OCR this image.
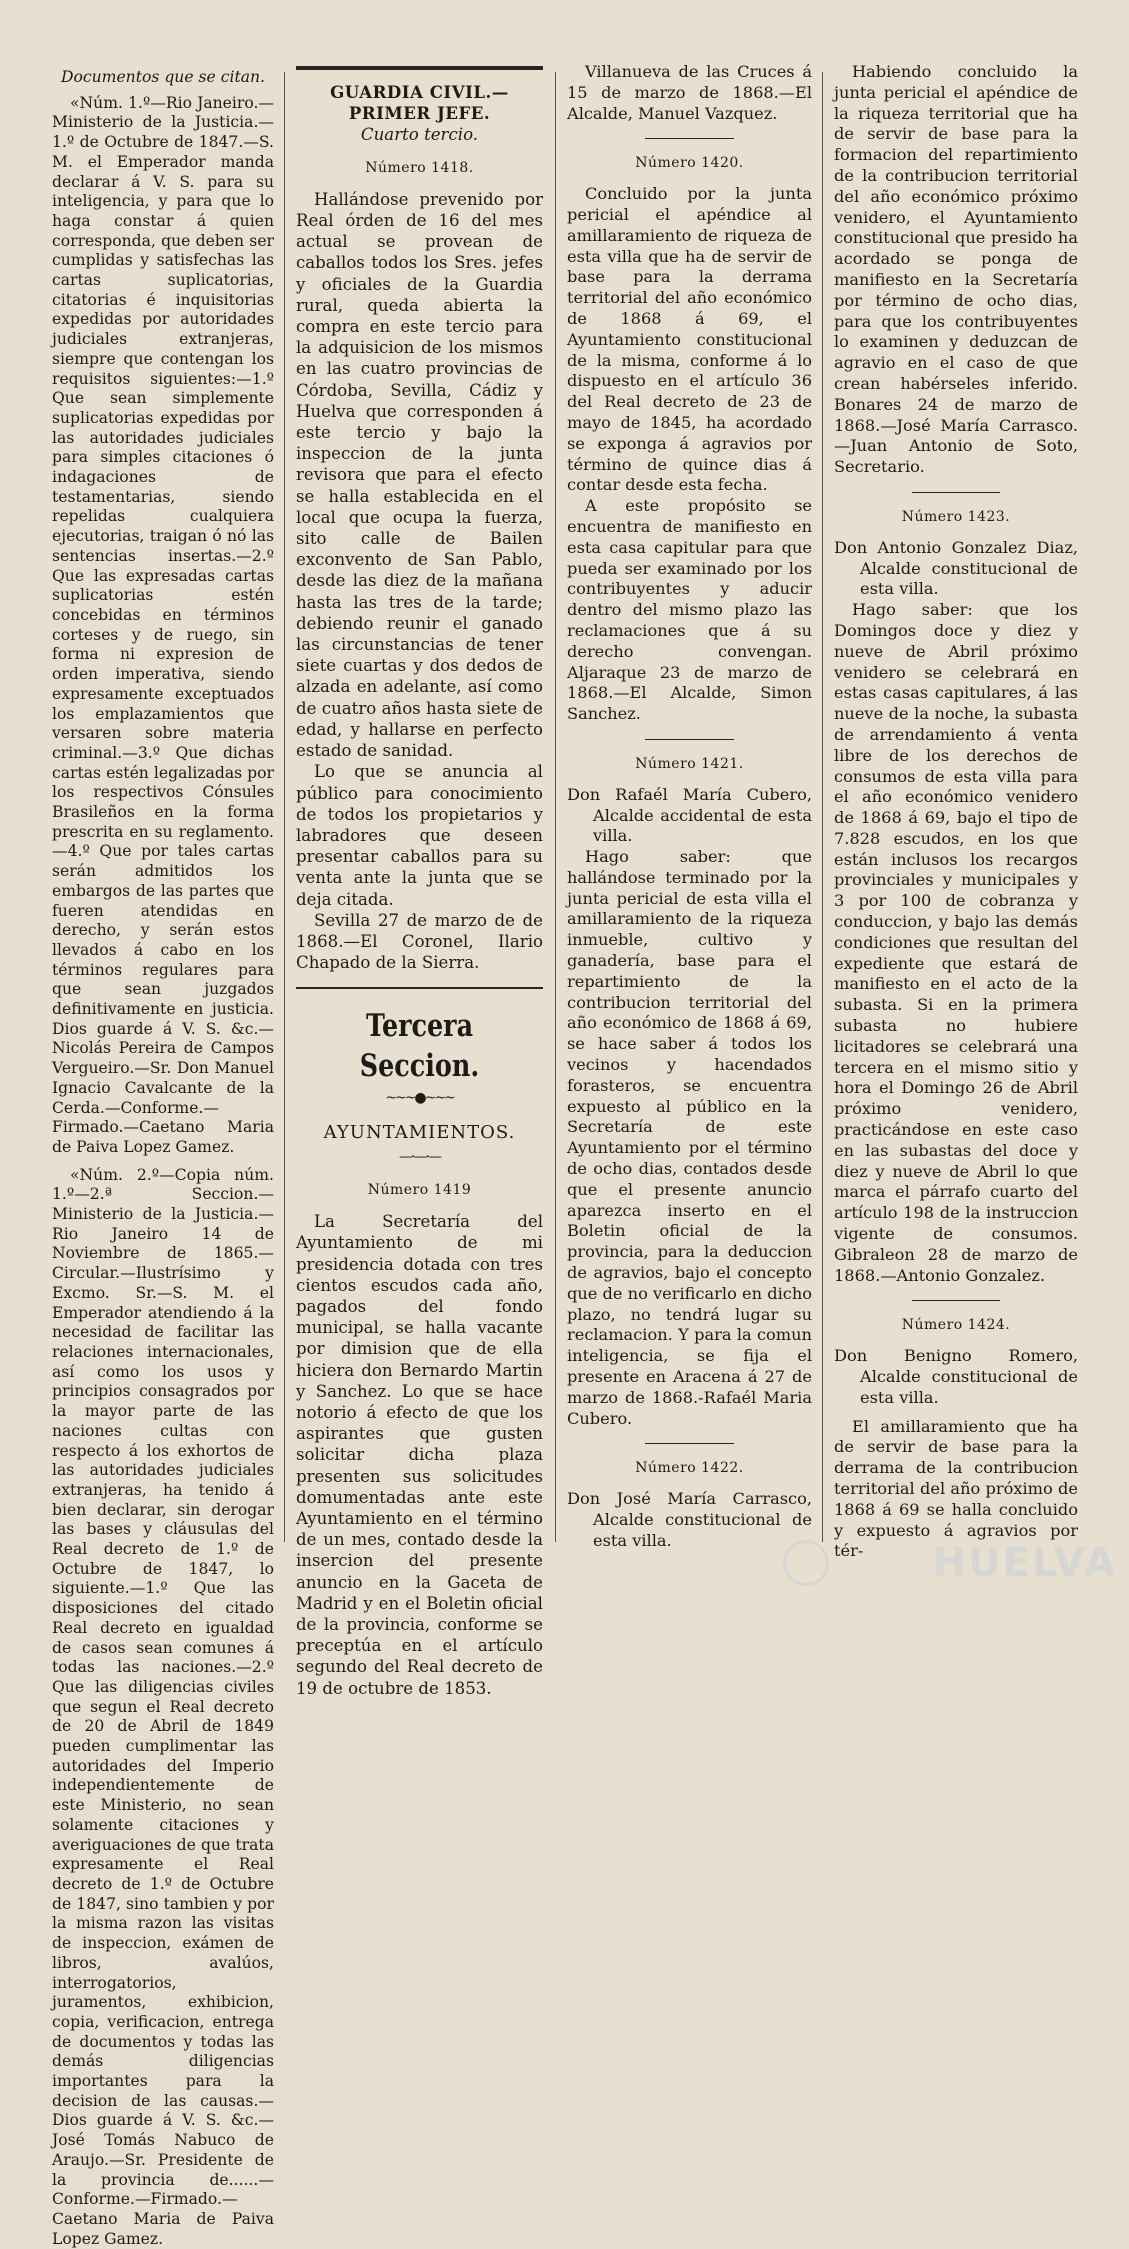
Documentos que se citan.

«Núm. 1.º—Rio Janeiro.—Ministerio de la Justicia.—1.º de Octubre de 1847.—S. M. el Emperador manda declarar á V. S. para su inteligencia, y para que lo haga constar á quien corresponda, que deben ser cumplidas y satisfechas las cartas suplicatorias, citatorias é inquisitorias expedidas por autoridades judiciales extranjeras, siempre que contengan los requisitos siguientes:—1.º Que sean simplemente suplicatorias expedidas por las autoridades judiciales para simples citaciones ó indagaciones de testamentarias, siendo repelidas cualquiera ejecutorias, traigan ó nó las sentencias insertas.—2.º Que las expresadas cartas suplicatorias estén concebidas en términos corteses y de ruego, sin forma ni expresion de orden imperativa, siendo expresamente exceptuados los emplazamientos que versaren sobre materia criminal.—3.º Que dichas cartas estén legalizadas por los respectivos Cónsules Brasileños en la forma prescrita en su reglamento.—4.º Que por tales cartas serán admitidos los embargos de las partes que fueren atendidas en derecho, y serán estos llevados á cabo en los términos regulares para que sean juzgados definitivamente en justicia. Dios guarde á V. S. &c.—Nicolás Pereira de Campos Vergueiro.—Sr. Don Manuel Ignacio Cavalcante de la Cerda.—Conforme.—Firmado.—Caetano Maria de Paiva Lopez Gamez.

«Núm. 2.º—Copia núm. 1.º—2.ª Seccion.—Ministerio de la Justicia.—Rio Janeiro 14 de Noviembre de 1865.—Circular.—Ilustrísimo y Excmo. Sr.—S. M. el Emperador atendiendo á la necesidad de facilitar las relaciones internacionales, así como los usos y principios consagrados por la mayor parte de las naciones cultas con respecto á los exhortos de las autoridades judiciales extranjeras, ha tenido á bien declarar, sin derogar las bases y cláusulas del Real decreto de 1.º de Octubre de 1847, lo siguiente.—1.º Que las disposiciones del citado Real decreto en igualdad de casos sean comunes á todas las naciones.—2.º Que las diligencias civiles que segun el Real decreto de 20 de Abril de 1849 pueden cumplimentar las autoridades del Imperio independientemente de este Ministerio, no sean solamente citaciones y averiguaciones de que trata expresamente el Real decreto de 1.º de Octubre de 1847, sino tambien y por la misma razon las visitas de inspeccion, exámen de libros, avalúos, interrogatorios, juramentos, exhibicion, copia, verificacion, entrega de documentos y todas las demás diligencias importantes para la decision de las causas.—Dios guarde á V. S. &c.—José Tomás Nabuco de Araujo.—Sr. Presidente de la provincia de......—Conforme.—Firmado.—Caetano Maria de Paiva Lopez Gamez.

GUARDIA CIVIL.—PRIMER JEFE.
Cuarto tercio.
Número 1418.

Hallándose prevenido por Real órden de 16 del mes actual se provean de caballos todos los Sres. jefes y oficiales de la Guardia rural, queda abierta la compra en este tercio para la adquisicion de los mismos en las cuatro provincias de Córdoba, Sevilla, Cádiz y Huelva que corresponden á este tercio y bajo la inspeccion de la junta revisora que para el efecto se halla establecida en el local que ocupa la fuerza, sito calle de Bailen exconvento de San Pablo, desde las diez de la mañana hasta las tres de la tarde; debiendo reunir el ganado las circunstancias de tener siete cuartas y dos dedos de alzada en adelante, así como de cuatro años hasta siete de edad, y hallarse en perfecto estado de sanidad.

Lo que se anuncia al público para conocimiento de todos los propietarios y labradores que deseen presentar caballos para su venta ante la junta que se deja citada.

Sevilla 27 de marzo de de 1868.—El Coronel, Ilario Chapado de la Sierra.

Tercera Seccion.
~~~●~~~
AYUNTAMIENTOS.
—·—·—
Número 1419

La Secretaría del Ayuntamiento de mi presidencia dotada con tres cientos escudos cada año, pagados del fondo municipal, se halla vacante por dimision que de ella hiciera don Bernardo Martin y Sanchez. Lo que se hace notorio á efecto de que los aspirantes que gusten solicitar dicha plaza presenten sus solicitudes domumentadas ante este Ayuntamiento en el término de un mes, contado desde la insercion del presente anuncio en la Gaceta de Madrid y en el Boletin oficial de la provincia, conforme se preceptúa en el artículo segundo del Real decreto de 19 de octubre de 1853.

Villanueva de las Cruces á 15 de marzo de 1868.—El Alcalde, Manuel Vazquez.

Número 1420.

Concluido por la junta pericial el apéndice al amillaramiento de riqueza de esta villa que ha de servir de base para la derrama territorial del año económico de 1868 á 69, el Ayuntamiento constitucional de la misma, conforme á lo dispuesto en el artículo 36 del Real decreto de 23 de mayo de 1845, ha acordado se exponga á agravios por término de quince dias á contar desde esta fecha.

A este propósito se encuentra de manifiesto en esta casa capitular para que pueda ser examinado por los contribuyentes y aducir dentro del mismo plazo las reclamaciones que á su derecho convengan. Aljaraque 23 de marzo de 1868.—El Alcalde, Simon Sanchez.

Número 1421.

Don Rafaél María Cubero, Alcalde accidental de esta villa.

Hago saber: que hallándose terminado por la junta pericial de esta villa el amillaramiento de la riqueza inmueble, cultivo y ganadería, base para el repartimiento de la contribucion territorial del año económico de 1868 á 69, se hace saber á todos los vecinos y hacendados forasteros, se encuentra expuesto al público en la Secretaría de este Ayuntamiento por el término de ocho dias, contados desde que el presente anuncio aparezca inserto en el Boletin oficial de la provincia, para la deduccion de agravios, bajo el concepto que de no verificarlo en dicho plazo, no tendrá lugar su reclamacion. Y para la comun inteligencia, se fija el presente en Aracena á 27 de marzo de 1868.-Rafaél Maria Cubero.

Número 1422.

Don José María Carrasco, Alcalde constitucional de esta villa.

Habiendo concluido la junta pericial el apéndice de la riqueza territorial que ha de servir de base para la formacion del repartimiento de la contribucion territorial del año económico próximo venidero, el Ayuntamiento constitucional que presido ha acordado se ponga de manifiesto en la Secretaría por término de ocho dias, para que los contribuyentes lo examinen y deduzcan de agravio en el caso de que crean habérseles inferido. Bonares 24 de marzo de 1868.—José María Carrasco.—Juan Antonio de Soto, Secretario.

Número 1423.

Don Antonio Gonzalez Diaz, Alcalde constitucional de esta villa.

Hago saber: que los Domingos doce y diez y nueve de Abril próximo venidero se celebrará en estas casas capitulares, á las nueve de la noche, la subasta de arrendamiento á venta libre de los derechos de consumos de esta villa para el año económico venidero de 1868 á 69, bajo el tipo de 7.828 escudos, en los que están inclusos los recargos provinciales y municipales y 3 por 100 de cobranza y conduccion, y bajo las demás condiciones que resultan del expediente que estará de manifiesto en el acto de la subasta. Si en la primera subasta no hubiere licitadores se celebrará una tercera en el mismo sitio y hora el Domingo 26 de Abril próximo venidero, practicándose en este caso en las subastas del doce y diez y nueve de Abril lo que marca el párrafo cuarto del artículo 198 de la instruccion vigente de consumos. Gibraleon 28 de marzo de 1868.—Antonio Gonzalez.

Número 1424.

Don Benigno Romero, Alcalde constitucional de esta villa.

El amillaramiento que ha de servir de base para la derrama de la contribucion territorial del año próximo de 1868 á 69 se halla concluido y expuesto á agravios por tér-	HUELVA
